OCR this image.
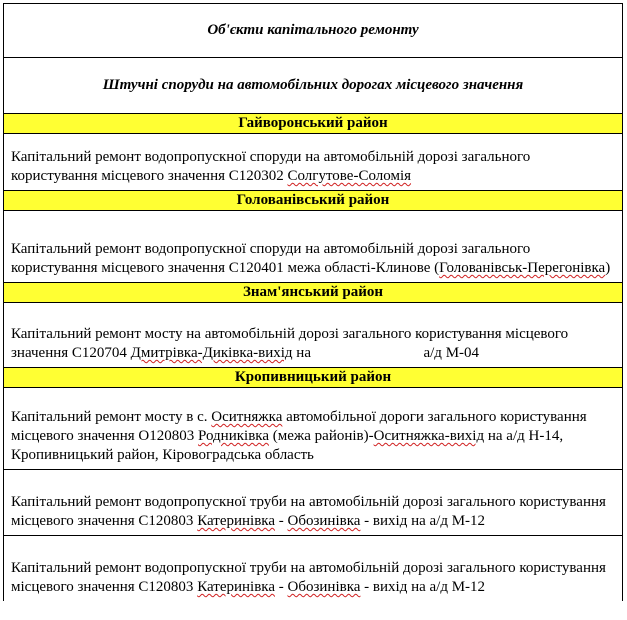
Об'єкти капітального ремонту
Штучні споруди на автомобільних дорогах місцевого значення
Гайворонський район

Капітальний ремонт водопропускної споруди на автомобільній дорозі загального користування місцевого значення С120302 Солгутове-Соломія

Голованівський район

Капітальний ремонт водопропускної споруди на автомобільній дорозі загального користування місцевого значення С120401 межа області-Клинове (Голованівськ-Перегонівка)

Знам'янський район

Капітальний ремонт мосту на автомобільній дорозі загального користування місцевого значення С120704 Дмитрівка-Диківка-вихід на                              а/д М-04

Кропивницький район

Капітальний ремонт мосту в с. Оситняжка автомобільної дороги загального користування місцевого значення О120803 Родниківка (межа районів)-Оситняжка-вихід на а/д Н-14, Кропивницький район, Кіровоградська область

Капітальний ремонт водопропускної труби на автомобільній дорозі загального користування місцевого значення С120803 Катеринівка - Обозинівка - вихід на а/д М-12

Капітальний ремонт водопропускної труби на автомобільній дорозі загального користування місцевого значення С120803 Катеринівка - Обозинівка - вихід на а/д М-12
